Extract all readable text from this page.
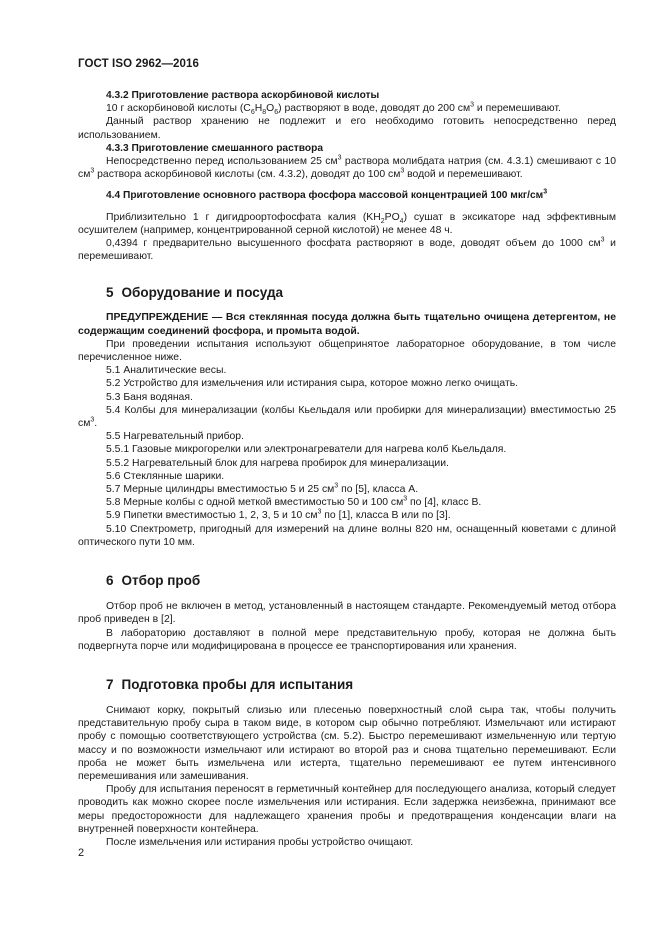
ГОСТ ISO 2962—2016

4.3.2 Приготовление раствора аскорбиновой кислоты

10 г аскорбиновой кислоты $(C_6H_8O_6)$ растворяют в воде, доводят до 200 $см^3$ и перемешивают.

Данный раствор хранению не подлежит и его необходимо готовить непосредственно перед использованием.

4.3.3 Приготовление смешанного раствора

Непосредственно перед использованием 25 $см^3$ раствора молибдата натрия (см. 4.3.1) смешивают с 10 $см^3$ раствора аскорбиновой кислоты (см. 4.3.2), доводят до 100 $см^3$ водой и перемешивают.

4.4 Приготовление основного раствора фосфора массовой концентрацией 100 мкг/$см^3$

Приблизительно 1 г дигидроортофосфата калия $(KH_2PO_4)$ сушат в эксикаторе над эффективным осушителем (например, концентрированной серной кислотой) не менее 48 ч.

0,4394 г предварительно высушенного фосфата растворяют в воде, доводят объем до 1000 $см^3$ и перемешивают.

5 Оборудование и посуда

ПРЕДУПРЕЖДЕНИЕ — Вся стеклянная посуда должна быть тщательно очищена детергентом, не содержащим соединений фосфора, и промыта водой.

При проведении испытания используют общепринятое лабораторное оборудование, в том числе перечисленное ниже.

5.1 Аналитические весы.

5.2 Устройство для измельчения или истирания сыра, которое можно легко очищать.

5.3 Баня водяная.

5.4 Колбы для минерализации (колбы Кьельдаля или пробирки для минерализации) вместимостью 25 $см^3$.

5.5 Нагревательный прибор.

5.5.1 Газовые микрогорелки или электронагреватели для нагрева колб Кьельдаля.

5.5.2 Нагревательный блок для нагрева пробирок для минерализации.

5.6 Стеклянные шарики.

5.7 Мерные цилиндры вместимостью 5 и 25 $см^3$ по [5], класса А.

5.8 Мерные колбы с одной меткой вместимостью 50 и 100 $см^3$ по [4], класс В.

5.9 Пипетки вместимостью 1, 2, 3, 5 и 10 $см^3$ по [1], класса В или по [3].

5.10 Спектрометр, пригодный для измерений на длине волны 820 нм, оснащенный кюветами с длиной оптического пути 10 мм.

6 Отбор проб

Отбор проб не включен в метод, установленный в настоящем стандарте. Рекомендуемый метод отбора проб приведен в [2].

В лабораторию доставляют в полной мере представительную пробу, которая не должна быть подвергнута порче или модифицирована в процессе ее транспортирования или хранения.

7 Подготовка пробы для испытания

Снимают корку, покрытый слизью или плесенью поверхностный слой сыра так, чтобы получить представительную пробу сыра в таком виде, в котором сыр обычно потребляют. Измельчают или истирают пробу с помощью соответствующего устройства (см. 5.2). Быстро перемешивают измельченную или тертую массу и по возможности измельчают или истирают во второй раз и снова тщательно перемешивают. Если проба не может быть измельчена или истерта, тщательно перемешивают ее путем интенсивного перемешивания или замешивания.

Пробу для испытания переносят в герметичный контейнер для последующего анализа, который следует проводить как можно скорее после измельчения или истирания. Если задержка неизбежна, принимают все меры предосторожности для надлежащего хранения пробы и предотвращения конденсации влаги на внутренней поверхности контейнера.

После измельчения или истирания пробы устройство очищают.

2
